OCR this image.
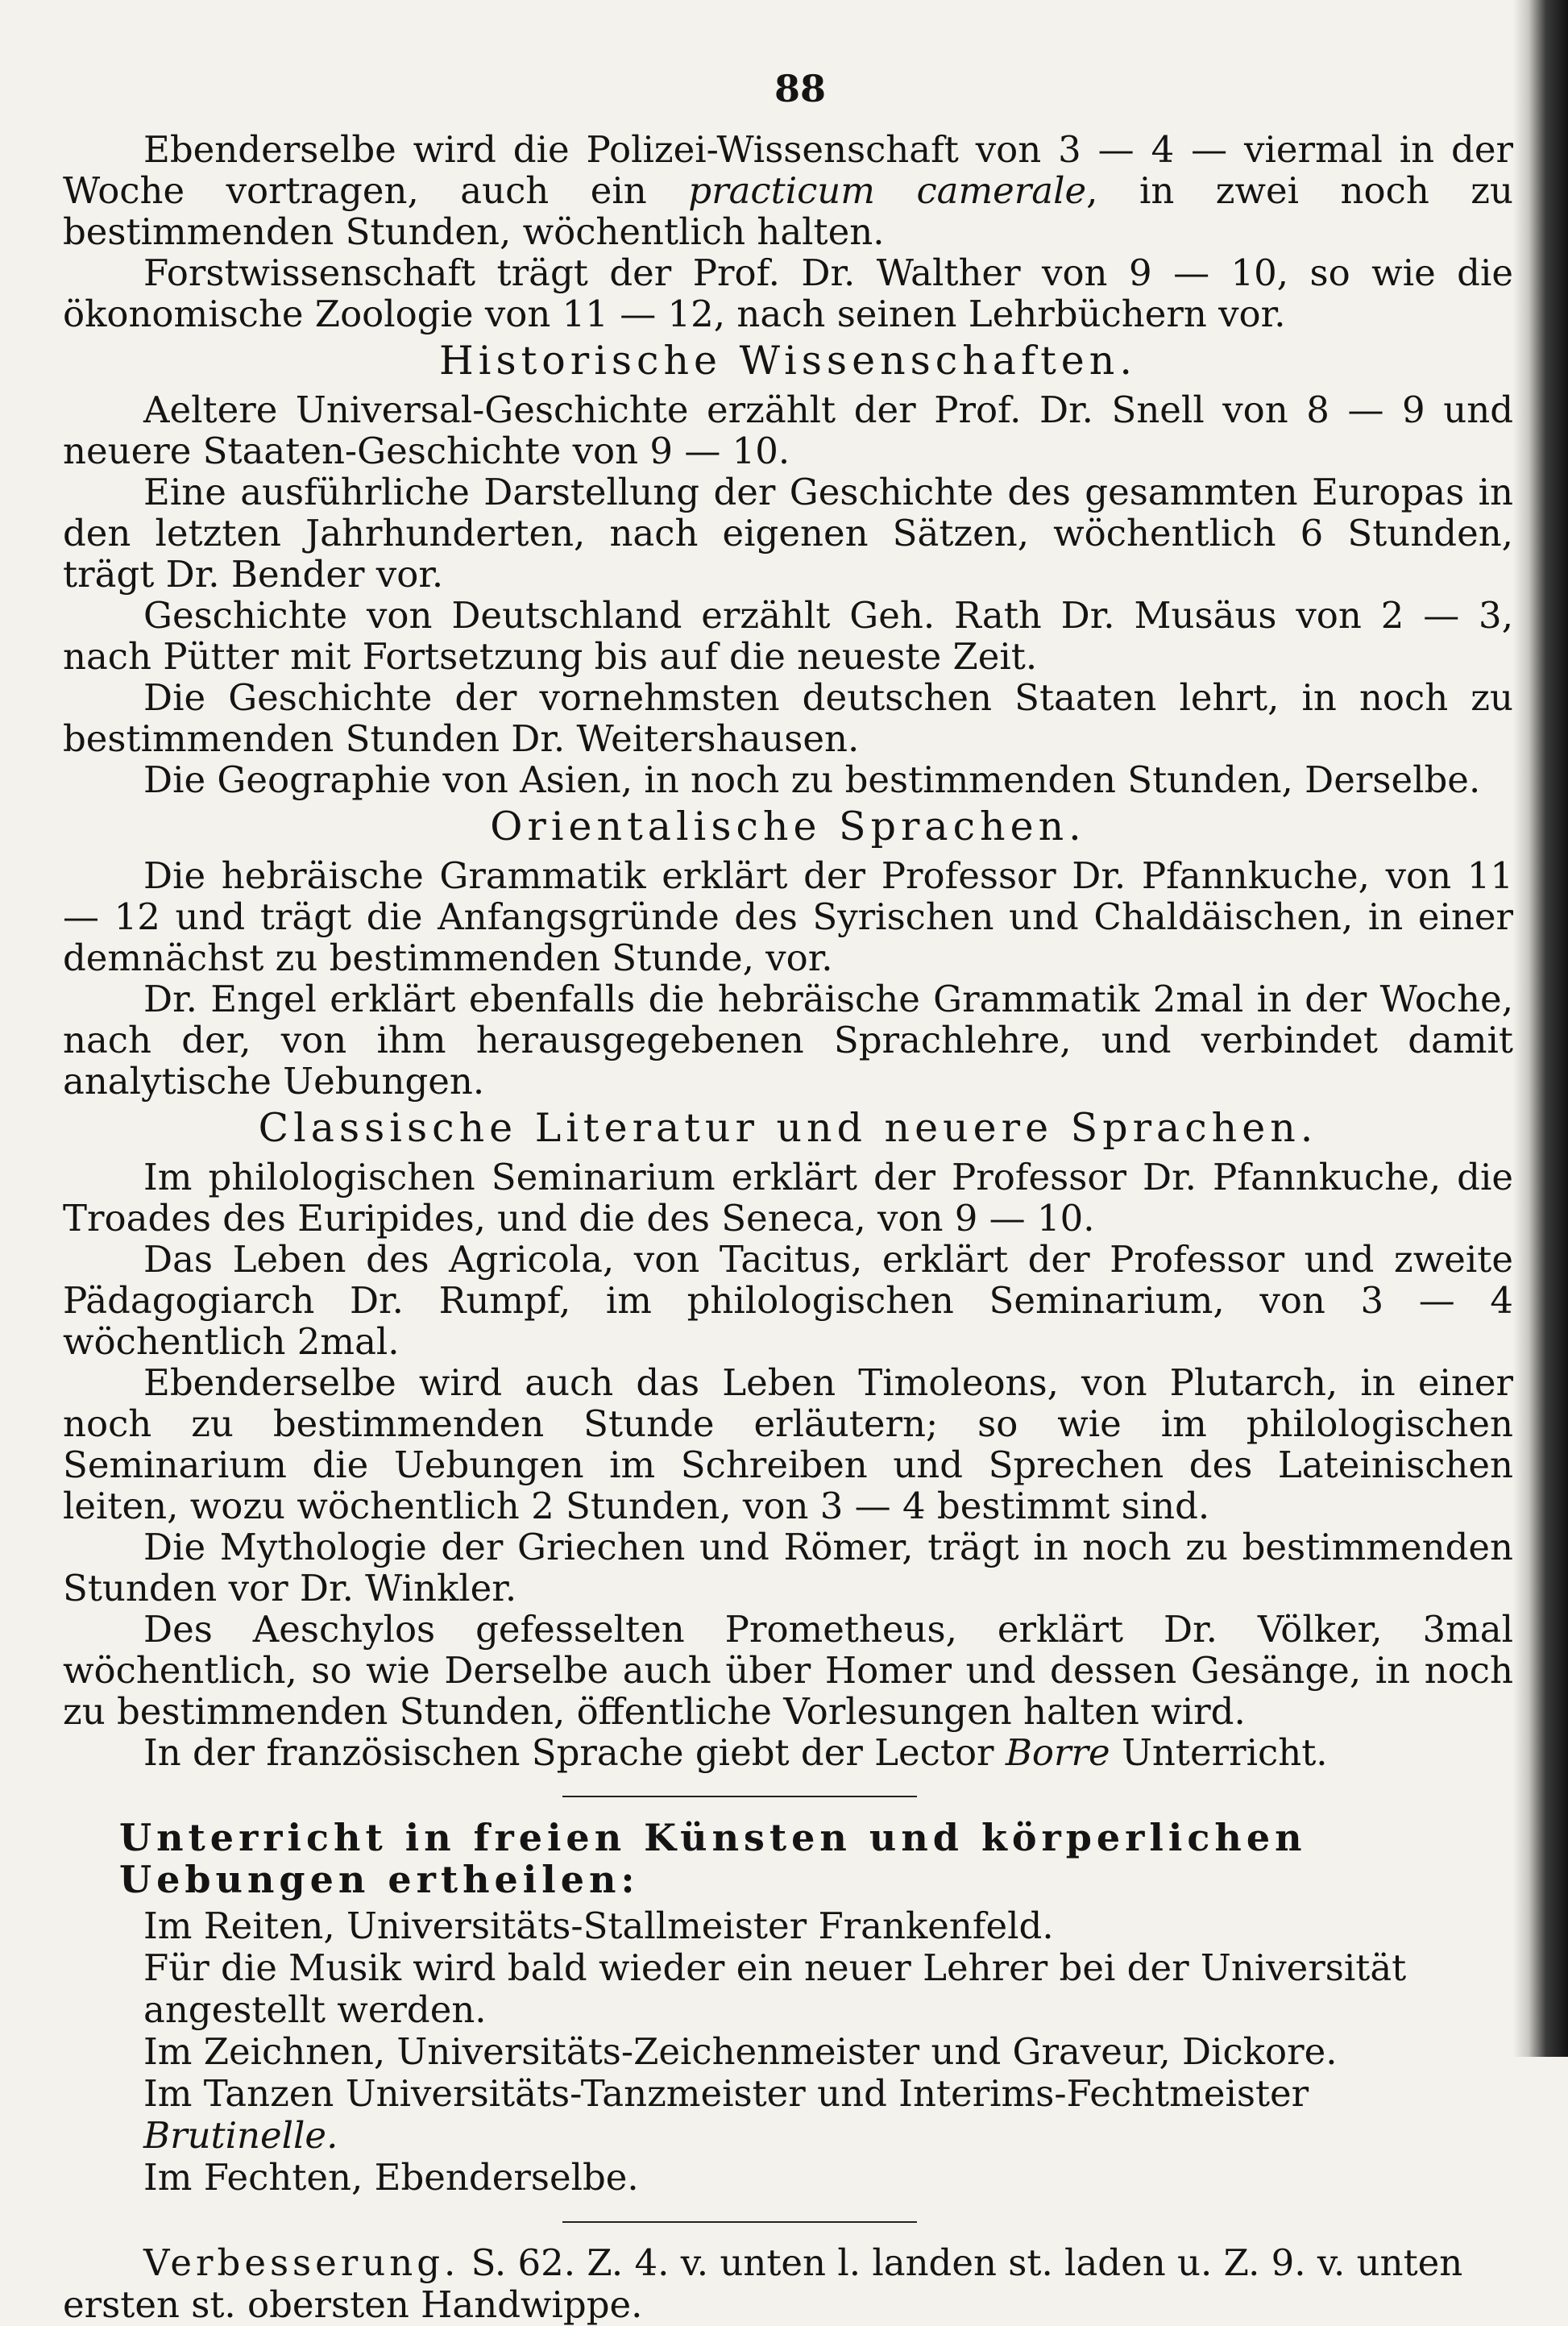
88

Ebenderselbe wird die Polizei-Wissenschaft von 3 — 4 — viermal in der Woche vortragen, auch ein practicum camerale, in zwei noch zu bestimmenden Stunden, wöchentlich halten.

Forstwissenschaft trägt der Prof. Dr. Walther von 9 — 10, so wie die ökonomische Zoologie von 11 — 12, nach seinen Lehrbüchern vor.

Historische Wissenschaften.

Aeltere Universal-Geschichte erzählt der Prof. Dr. Snell von 8 — 9 und neuere Staaten-Geschichte von 9 — 10.

Eine ausführliche Darstellung der Geschichte des gesammten Europas in den letzten Jahrhunderten, nach eigenen Sätzen, wöchentlich 6 Stunden, trägt Dr. Bender vor.

Geschichte von Deutschland erzählt Geh. Rath Dr. Musäus von 2 — 3, nach Pütter mit Fortsetzung bis auf die neueste Zeit.

Die Geschichte der vornehmsten deutschen Staaten lehrt, in noch zu bestimmenden Stunden Dr. Weitershausen.

Die Geographie von Asien, in noch zu bestimmenden Stunden, Derselbe.

Orientalische Sprachen.

Die hebräische Grammatik erklärt der Professor Dr. Pfannkuche, von 11 — 12 und trägt die Anfangsgründe des Syrischen und Chaldäischen, in einer demnächst zu bestimmenden Stunde, vor.

Dr. Engel erklärt ebenfalls die hebräische Grammatik 2mal in der Woche, nach der, von ihm herausgegebenen Sprachlehre, und verbindet damit analytische Uebungen.

Classische Literatur und neuere Sprachen.

Im philologischen Seminarium erklärt der Professor Dr. Pfannkuche, die Troades des Euripides, und die des Seneca, von 9 — 10.

Das Leben des Agricola, von Tacitus, erklärt der Professor und zweite Pädagogiarch Dr. Rumpf, im philologischen Seminarium, von 3 — 4 wöchentlich 2mal.

Ebenderselbe wird auch das Leben Timoleons, von Plutarch, in einer noch zu bestimmenden Stunde erläutern; so wie im philologischen Seminarium die Uebungen im Schreiben und Sprechen des Lateinischen leiten, wozu wöchentlich 2 Stunden, von 3 — 4 bestimmt sind.

Die Mythologie der Griechen und Römer, trägt in noch zu bestimmenden Stunden vor Dr. Winkler.

Des Aeschylos gefesselten Prometheus, erklärt Dr. Völker, 3mal wöchentlich, so wie Derselbe auch über Homer und dessen Gesänge, in noch zu bestimmenden Stunden, öffentliche Vorlesungen halten wird.

In der französischen Sprache giebt der Lector Borre Unterricht.

Unterricht in freien Künsten und körperlichen Uebungen ertheilen:

Im Reiten, Universitäts-Stallmeister Frankenfeld.

Für die Musik wird bald wieder ein neuer Lehrer bei der Universität angestellt werden.

Im Zeichnen, Universitäts-Zeichenmeister und Graveur, Dickore.

Im Tanzen Universitäts-Tanzmeister und Interims-Fechtmeister Brutinelle.

Im Fechten, Ebenderselbe.

Verbesserung. S. 62. Z. 4. v. unten l. landen st. laden u. Z. 9. v. unten ersten st. obersten Handwippe.
